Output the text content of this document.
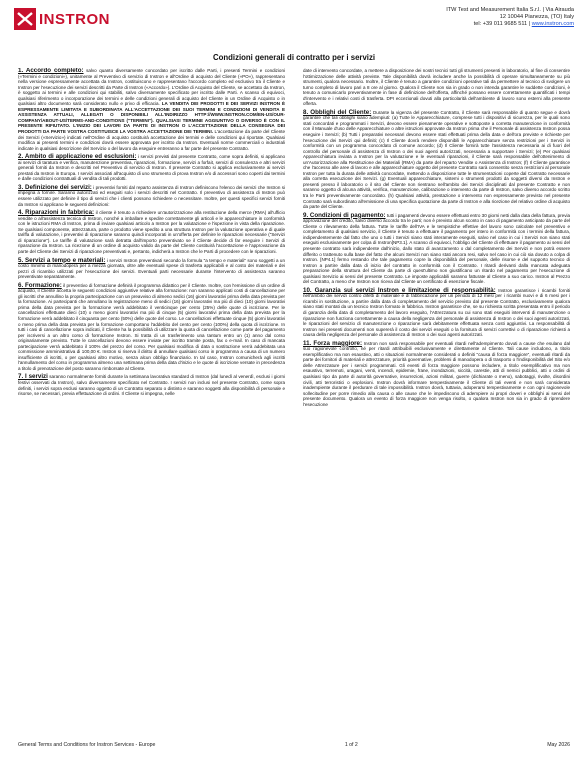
INSTRON
ITW Test and Measurement Italia S.r.l. | Via Airauda
12 10044 Pianezza, (TO) Italy
tel: +39 011 9685 511 | www.instron.com
Condizioni generali di contratto per i servizi
1. Accordo completo: salvo quanto diversamente concordato per iscritto dalle Parti, i presenti Termini e condizioni («Termini e condizioni»), unitamente al Preventivo di servizio di Instron e all'Ordine di acquisto del Cliente («PO»), rappresentano nella versione espressamente accettata da Instron, costituiscono e rappresentano l'accordo completo ed esclusivo tra il Cliente e Instron per l'esecuzione dei servizi descritti da Parte di Instron («Accordo»). L'Ordine di Acquisto del Cliente, se accettato da Instron, è soggetto ai termini e alle condizioni qui stabiliti, salvo diversamente specificato per iscritto dalle Parti. A scanso di equivoci, qualsiasi riferimento o incorporazione dei termini e delle condizioni generali di acquisto del Cliente in un Ordine di Acquisto o in qualsiasi altro documento sarà considerato nullo e privo di efficacia. LA VENDITA DEI PRODOTTI E DEI SERVIZI INSTRON È ESPRESSAMENTE LIMITATA E SUBORDINATA ALL'ACCETTAZIONE DEI SUOI TERMINI E CONDIZIONI DI VENDITA E ASSISTENZA ATTUALI, ALLEGATI O DISPONIBILI ALL'INDIRIZZO HTTP://WWW.INSTRON.COM/EN-US/OUR-COMPANY/ABOUT-US/TERMS-AND-CONDITIONS ("TERMINI"). QUALSIASI TERMINE AGGIUNTIVO O DIVERSO È CON IL PRESENTE RIFIUTATO. L'INIZIO DEI LAVORI DA PARTE DI INSTRON O L'ACCETTAZIONE DELLA CONSEGNA DEI PRODOTTI DA PARTE VOSTRA COSTITUISCE LA VOSTRA ACCETTAZIONE DEI TERMINI. L'accettazione da parte del Cliente dei Servizi («Servizio») indicati nell'Ordine di acquisto costituirà accettazione dei termini e delle condizioni qui riportate. Qualsiasi modifica ai presenti termini e condizioni dovrà essere approvata per iscritto da Instron. Eventuali norme commerciali o industriali indicate in qualsiasi descrizione del Servizio o del lavoro da eseguire entreranno a far parte del presente Contratto.
2. Ambito di applicazione ed esclusioni: i servizi previsti dal presente Contratto, come sopra definiti, si applicano ai servizi di taratura e verifica, manutenzione preventiva, riparazioni, formazione, servizi a forfait, servizi di consulenza e altri servizi generali forniti da Instron e descritti nel Preventivo di servizio di Instron. Il presente Contratto si applica esclusivamente ai servizi prestati da Instron in Europa. I servizi associati all'acquisto di uno strumento di prova Instron e/o di accessori sono coperti dai termini e dalle condizioni contrattuali di vendita di tali prodotti.
3. Definizione dei servizi: i preventivi forniti dal reparto assistenza di Instron definiscono l'elenco dei servizi che Instron si impegna a fornire. Saranno autorizzati ed eseguiti solo i servizi descritti nel Contratto. Il preventivo di assistenza di Instron può essere utilizzato per definire il tipo di servizi che i clienti possono richiedere o necessitare. Inoltre, per questi specifici servizi forniti da Instron si applicano le seguenti definizioni:
4. Riparazioni in fabbrica: il cliente è tenuto a richiedere un'autorizzazione alla restituzione della merce (RMA) all'ufficio vendite o all'assistenza tecnica di Instron, nonché a imballare e spedire correttamente gli articoli e le apparecchiature in conformità con le istruzioni RMA di Instron, prima di inviare qualsiasi articolo a Instron per la valutazione e l'ispezione in vista della riparazione. Se qualsiasi componente, attrezzatura, parte o prodotto viene spedito a una struttura Instron per la valutazione operativa e di quale tariffa di valutazione, i preventivi di riparazione saranno quindi incorporati in un'offerta per definire le riparazioni necessarie ("Servizi di riparazione"). Le tariffe di valutazione sarà detratta dall'importo preventivato se il Cliente decide di far eseguire i Servizi di riparazione da Instron. La ricezione di un ordine di acquisto valido da parte del Cliente costituirà l'accettazione e l'approvazione da parte del Cliente dei Servizi di riparazione preventivati e, pertanto, indicherà a Instron che le Parti di procedere con le riparazioni.
5. Servizi a tempo e materiali: i servizi Instron preventivati secondo la formula "a tempo e materiali" sono soggetti a un costo minimo di manodopera per a mezza giornata, oltre alle eventuali spese di trasferta applicabili e al costo dei materiali e dei pezzi di ricambio utilizzati per l'esecuzione dei servizi. Eventuali parti necessarie durante l'intervento di assistenza saranno preventivate separatamente.
6. Formazione: il preventivo di formazione definirà il programma didattico per il Cliente. Inoltre, con l'emissione di un ordine di acquisto, il Cliente accetta le seguenti condizioni aggiuntive relative alla formazione: non saranno applicati costi di cancellazione per gli iscritti che annullino la propria partecipazione con un preavviso di almeno sedici (16) giorni lavorativi prima della data prevista per la formazione. Ai partecipanti che annullano la registrazione meno di sedici (16) giorni lavorativi ma più di dieci (10) giorni lavorativi prima della data prevista per la formazione verrà addebitato il venticinque per cento (25%) delle quote di iscrizione. Per le cancellazioni effettuate dieci (10) o meno giorni lavorativi ma più di cinque (5) giorni lavorativi prima della data prevista per la formazione verrà addebitato il cinquanta per cento (50%) delle quote del corso. Le cancellazioni effettuate cinque (5) giorni lavorativi o meno prima della data prevista per la formazione comportano l'addebito del cento per cento (100%) della quota di iscrizione. In tutti i casi di cancellazione sopra indicati, il Cliente ha la possibilità di utilizzare la quota di cancellazione come parte del pagamento per iscriversi a un altro corso di formazione Instron. Si tratta di un trasferimento una tantum entro un (1) anno dal corso originariamente previsto. Tutte le cancellazioni devono essere inviate per iscritto tramite posta, fax o e-mail. In caso di mancata partecipazione verrà addebitato il 100% del prezzo del corso. Per qualsiasi modifica di data o sostituzione verrà addebitata una commissione amministrativa di 100,00 €. Instron si riserva il diritto di annullare qualsiasi corso in programma a causa di un numero insufficiente di iscritti, o per qualsiasi altro motivo, senza alcun obbligo finanziario. In tal caso, Instron comunicherà agli iscritti l'annullamento del corso in programma almeno una settimana prima della data d'inizio e le quote di iscrizione versate in precedenza a titolo di prenotazione del posto saranno rimborsate al Cliente.
7. I servizi saranno normalmente forniti durante la settimana lavorativa standard di Instron (dal lunedì al venerdì, esclusi i giorni festivi osservati da Instron), salvo diversamente specificato nel Contratto. I servizi non inclusi nel presente Contratto, come sopra definiti, i servizi sopra esclusi saranno oggetto di un Contratto separato o distinto e saranno soggetti alla disponibilità di personale e risorse, se necessari, previa effettuazione di ordini. Il Cliente si impegna, nelle
date di intervento concordate, a mettere a disposizione dei nostri tecnici tutti gli strumenti presenti in laboratorio, al fine di consentire l'ottimizzazione delle attività previste. Tale disponibilità dovrà includere anche la possibilità di operare simultaneamente su più strumenti, qualora necessario. Inoltre, il Cliente è tenuto a garantire condizioni operative tali da permettere al tecnico di svolgere un turno completo di lavoro pari a 8 ore al giorno. Qualora il Cliente non sia in grado o non intenda garantire le suddette condizioni, è tenuto a comunicarlo preventivamente in fase di definizione dell'offerta, affinché possano essere correttamente quantificati i tempi d'intervento e i relativi costi di trasferta. DPI eccezionali dovuti alla particolarità dell'ambiente di lavoro sono esterni alla presente offerta.
8. Obblighi del Cliente: Durante la vigenza del presente Contratto, il Cliente sarà responsabile di quanto segue e dovrà garantire che tali obblighi siano adempiuti: (a) Tutte le Apparecchiature, comprese tutti i dispositivi di sicurezza, per le quali sono stati concordati e programmati i Servizi, devono essere pienamente operative e sottoposte a corretta manutenzione in conformità con il Manuale d'uso delle Apparecchiature o altre istruzioni approvate da Instron prima che il Personale di assistenza Instron possa eseguire i Servizi; (b) Tutti i preparativi necessari devono essere stati effettuati prima della data e dell'ora previste e richieste per l'esecuzione dei Servizi qui definiti; (c) Il Cliente dovrà rendere disponibili le Apparecchiature senza restrizioni per i Servizi in conformità con un programma concordato di comune accordo; (d) Il Cliente fornirà tutte l'assistenza necessaria ai di fuori del controllo del personale di assistenza di Instron o dei suoi agenti autorizzati, necessaria a supportare i Servizi; (e) Per qualsiasi Apparecchiatura inviata a Instron per la valutazione e le eventuali riparazioni, il Cliente sarà responsabile dell'ottenimento di un'Autorizzazione alla Restituzione dei Materiali (RMA) da parte del reparto Vendite o Assistenza di Instron; (f) Il Cliente garantisce che l'accesso alle aree di lavoro e alle apparecchiature oggetto del presente Contratto sarà consentito senza restrizioni al personale Instron per tutta la durata delle attività concordate, mettendo a disposizione tutte le strumentazioni coperte dal Contratto necessarie alla corretta esecuzione dei Servizi. (g) Eventuali apparecchiature, sistemi o strumenti prodotti da soggetti diversi da Instron e presenti presso il laboratorio o il sito del Cliente non rientrano nell'ambito dei Servizi disciplinati dal presente Contratto e non saranno oggetto di alcuna attività, verifica, manutenzione, calibrazione o intervento da parte di Instron, salvo diverso accordo scritto tra le Parti preventivamente concordato. (h) Qualsiasi attività, prestazione o intervento non espressamente previsto nel presente Contratto sarà subordinato all'emissione di una specifica quotazione da parte di Instron e alla ricezione del relativo ordine di acquisto da parte del Cliente.
9. Condizioni di pagamento: tutti i pagamenti devono essere effettuati entro 30 giorni netti dalla data della fattura, previa approvazione del credito, salvo diverso accordo tra le parti; non è previsto alcun sconto in caso di pagamento anticipato da parte del Cliente o rilevamento della fattura. Tutte le tariffe dell'IVA e le tempistiche effettive del lavoro sono calcolate nel preventivo e completamento di qualsiasi servizio, il Cliente è tenuto a effettuare il pagamento per intero in conformità con i termini della fattura, indipendentemente dal fatto che uno o tutti i Servizi siano stati interamente eseguiti, salvo nel caso in cui i Servizi non siano stati eseguiti esclusivamente per colpa di Instron[NP3.1]. A scanso di equivoci, l'obbligo del Cliente di effettuare il pagamento ai sensi del presente contratto sarà indipendente dall'inizio, dallo stato di avanzamento o dal completamento dei Servizi e non potrà essere differito o trattenuto sulla base del fatto che alcuni Servizi non siano stati ancora resi, salvo nel caso in cui ciò sia dovuto a colpa di Instron. [NP4.1] fermo restando che tale pagamento copre la disponibilità del personale, delle risorse e del supporto tecnico di Instron a partire dalla data di inizio del contratto in conformità con il Contratto. I ritardi derivanti dalla mancata adeguata preparazione della struttura del Cliente da parte di quest'ultimo non giustificano un ritardo nel pagamento per l'esecuzione di qualsiasi Servizio ai sensi del presente Contratto. Le imposte applicabili saranno fatturate al Cliente a suo carico. Instron al Prezzo del Contratto, a meno che Instron non riceva dal Cliente un certificato di esenzione fiscale.
10. Garanzia sui servizi Instron e limitazione di responsabilità: Instron garantisce i ricambi forniti nell'ambito dei servizi contro difetti di materiale e di fabbricazione per un periodo di 12 mesi per i ricambi nuovi e di 6 mesi per i ricambi in sostituzione, a partire dalla data di completamento del servizio previsto dal presente Contratto, esclusivamente qualora siano stati montati da un tecnico Instron formato in fabbrica. Instron garantisce che, se su richiesta scritta presentata entro il periodo di garanzia della data di completamento del lavoro eseguito, l'Attrezzatura su cui sono stati eseguiti interventi di manutenzione o riparazione non funziona correttamente a causa della negligenza del personale di assistenza di Instron o dei suoi agenti autorizzati, le riparazioni del servizio di manutenzione o riparazione sarà debitamente effettuata senza costi aggiuntivi. La responsabilità di Instron nei presenti documenti non supererà il costo dei servizi eseguiti o la fornitura di servizi correttivi o di riparazione richiesti a causa della negligenza del personale di assistenza di Instron o dei suoi agenti autorizzati.
11. Forza maggiore: Instron non sarà responsabile per eventuali ritardi nell'adempimento dovuti a cause che esulano dal suo ragionevole controllo, né per ritardi attribuibili esclusivamente e direttamente al Cliente. Tali cause includono, a titolo esemplificativo ma non esaustivo, atti o situazioni normalmente considerati o definiti "causa di forza maggiore", eventuali ritardi da parte dei fornitori di materiali e attrezzature, priorità governative, problemi di manodopera o di trasporto o l'indisponibilità del Sito e/o delle Attrezzature per i servizi programmati. Gli eventi di forza maggiore possono includere, a titolo esemplificativo ma non esaustivo, terremoti, uragani, venti, incendi, epidemie, frane, inondazioni, siccità, carestie, atti di nemici pubblici, atti o ordini di qualsiasi tipo da parte di autorità governative, insurrezioni, azioni militari, guerre (dichiarate o meno), sabotaggi, rivolte, disordini civili, atti terroristici o esplosioni. Instron dovrà informare tempestivamente il Cliente di tali eventi e non sarà considerata inadempiente durante il perdurare di tale impossibilità. Instron dovrà, tuttavia, adoperarsi tempestivamente e con ogni ragionevole sollecitudine per porre rimedio alla causa o alle cause che le impediscono di adempiere ai propri doveri e obblighi ai sensi del presente documento. Qualora un evento di forza maggiore non venga risolto, o qualora Instron non sia in grado di riprendere l'esecuzione
General Terms and Conditions for Instron Services - Europe	1 of 2	May 2026
